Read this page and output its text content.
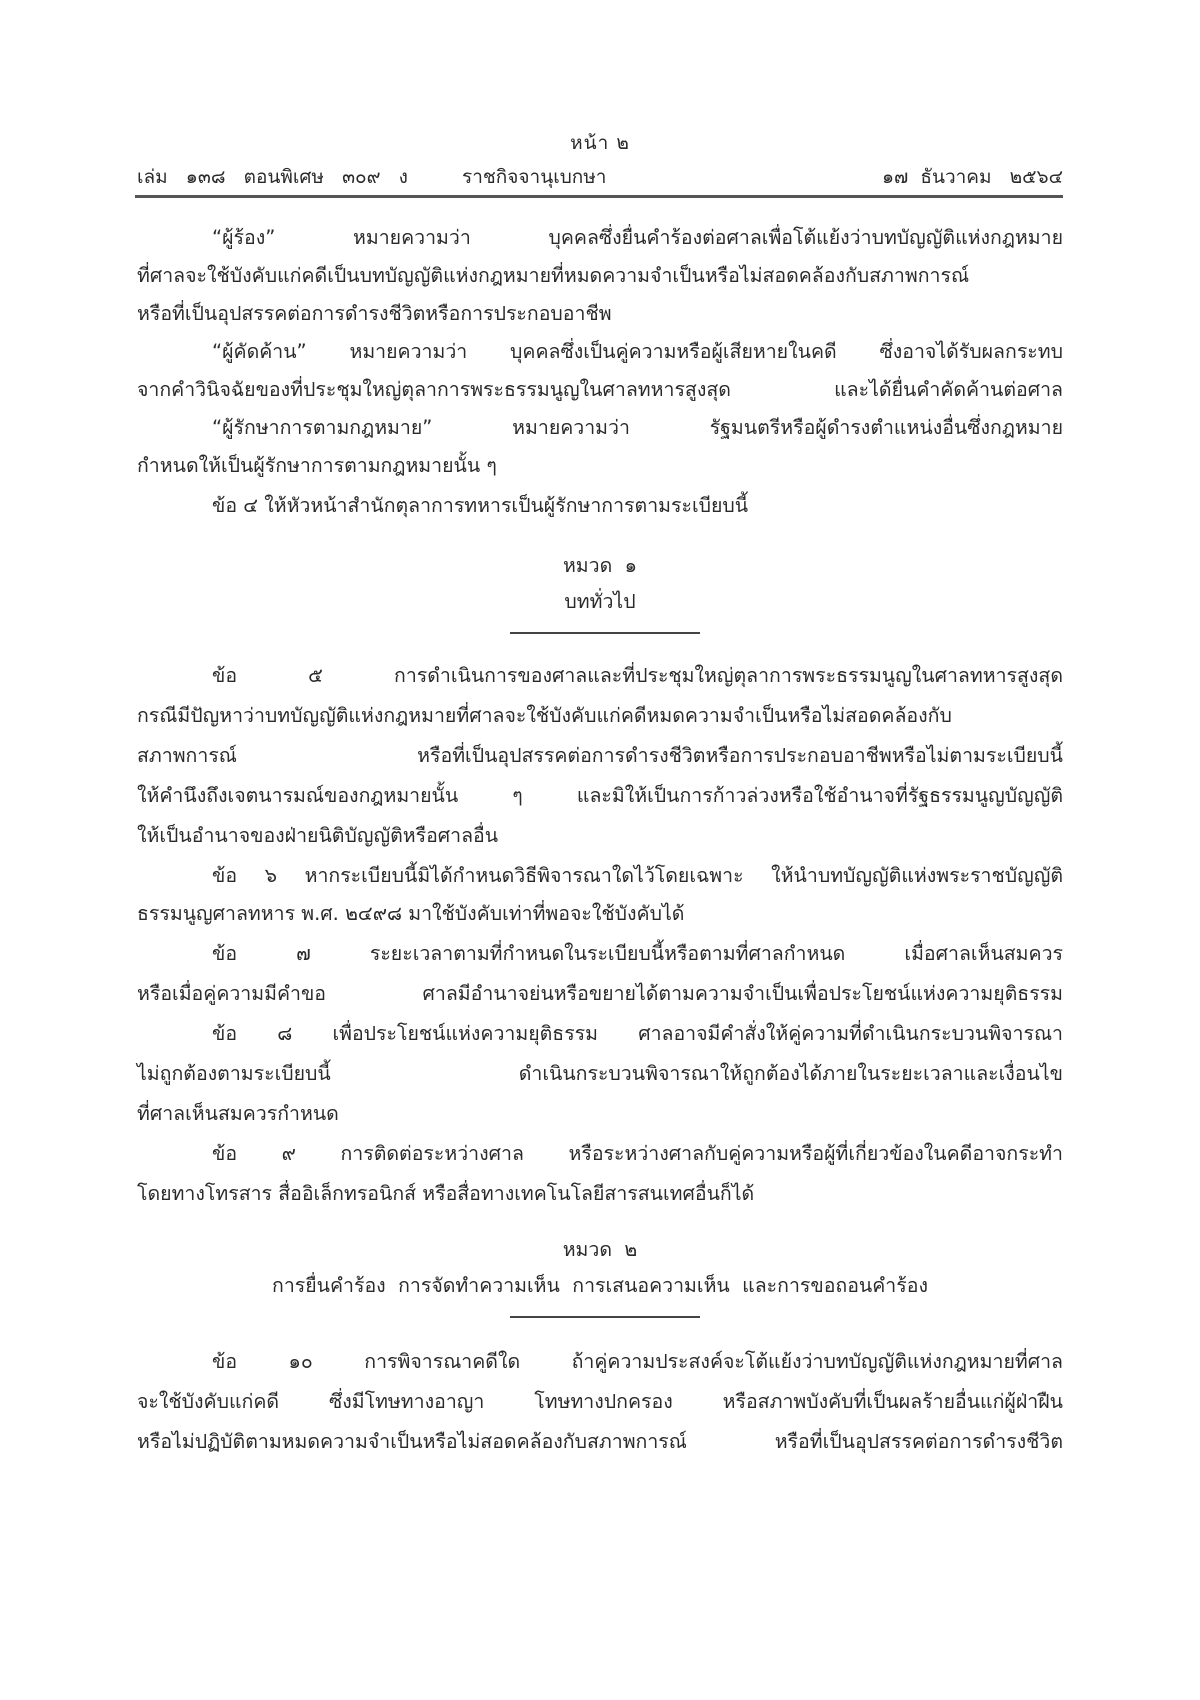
หน้า ๒
เล่ม   ๑๓๘   ตอนพิเศษ   ๓๐๙   ง	ราชกิจจานุเบกษา	๑๗  ธันวาคม   ๒๕๖๔
“ผู้ร้อง” หมายความว่า บุคคลซึ่งยื่นคำร้องต่อศาลเพื่อโต้แย้งว่าบทบัญญัติแห่งกฎหมาย
ที่ศาลจะใช้บังคับแก่คดีเป็นบทบัญญัติแห่งกฎหมายที่หมดความจำเป็นหรือไม่สอดคล้องกับสภาพการณ์
หรือที่เป็นอุปสรรคต่อการดำรงชีวิตหรือการประกอบอาชีพ
“ผู้คัดค้าน” หมายความว่า บุคคลซึ่งเป็นคู่ความหรือผู้เสียหายในคดี ซึ่งอาจได้รับผลกระทบ
จากคำวินิจฉัยของที่ประชุมใหญ่ตุลาการพระธรรมนูญในศาลทหารสูงสุด และได้ยื่นคำคัดค้านต่อศาล
“ผู้รักษาการตามกฎหมาย” หมายความว่า รัฐมนตรีหรือผู้ดำรงตำแหน่งอื่นซึ่งกฎหมาย
กำหนดให้เป็นผู้รักษาการตามกฎหมายนั้น ๆ
ข้อ ๔ ให้หัวหน้าสำนักตุลาการทหารเป็นผู้รักษาการตามระเบียบนี้
หมวด  ๑
บททั่วไป
ข้อ ๕ การดำเนินการของศาลและที่ประชุมใหญ่ตุลาการพระธรรมนูญในศาลทหารสูงสุด
กรณีมีปัญหาว่าบทบัญญัติแห่งกฎหมายที่ศาลจะใช้บังคับแก่คดีหมดความจำเป็นหรือไม่สอดคล้องกับ
สภาพการณ์ หรือที่เป็นอุปสรรคต่อการดำรงชีวิตหรือการประกอบอาชีพหรือไม่ตามระเบียบนี้
ให้คำนึงถึงเจตนารมณ์ของกฎหมายนั้น ๆ และมิให้เป็นการก้าวล่วงหรือใช้อำนาจที่รัฐธรรมนูญบัญญัติ
ให้เป็นอำนาจของฝ่ายนิติบัญญัติหรือศาลอื่น
ข้อ ๖ หากระเบียบนี้มิได้กำหนดวิธีพิจารณาใดไว้โดยเฉพาะ ให้นำบทบัญญัติแห่งพระราชบัญญัติ
ธรรมนูญศาลทหาร พ.ศ. ๒๔๙๘ มาใช้บังคับเท่าที่พอจะใช้บังคับได้
ข้อ ๗ ระยะเวลาตามที่กำหนดในระเบียบนี้หรือตามที่ศาลกำหนด เมื่อศาลเห็นสมควร
หรือเมื่อคู่ความมีคำขอ ศาลมีอำนาจย่นหรือขยายได้ตามความจำเป็นเพื่อประโยชน์แห่งความยุติธรรม
ข้อ ๘ เพื่อประโยชน์แห่งความยุติธรรม ศาลอาจมีคำสั่งให้คู่ความที่ดำเนินกระบวนพิจารณา
ไม่ถูกต้องตามระเบียบนี้ ดำเนินกระบวนพิจารณาให้ถูกต้องได้ภายในระยะเวลาและเงื่อนไข
ที่ศาลเห็นสมควรกำหนด
ข้อ ๙ การติดต่อระหว่างศาล หรือระหว่างศาลกับคู่ความหรือผู้ที่เกี่ยวข้องในคดีอาจกระทำ
โดยทางโทรสาร สื่ออิเล็กทรอนิกส์ หรือสื่อทางเทคโนโลยีสารสนเทศอื่นก็ได้
หมวด  ๒
การยื่นคำร้อง  การจัดทำความเห็น  การเสนอความเห็น  และการขอถอนคำร้อง
ข้อ ๑๐ การพิจารณาคดีใด ถ้าคู่ความประสงค์จะโต้แย้งว่าบทบัญญัติแห่งกฎหมายที่ศาล
จะใช้บังคับแก่คดี ซึ่งมีโทษทางอาญา โทษทางปกครอง หรือสภาพบังคับที่เป็นผลร้ายอื่นแก่ผู้ฝ่าฝืน
หรือไม่ปฏิบัติตามหมดความจำเป็นหรือไม่สอดคล้องกับสภาพการณ์ หรือที่เป็นอุปสรรคต่อการดำรงชีวิต
